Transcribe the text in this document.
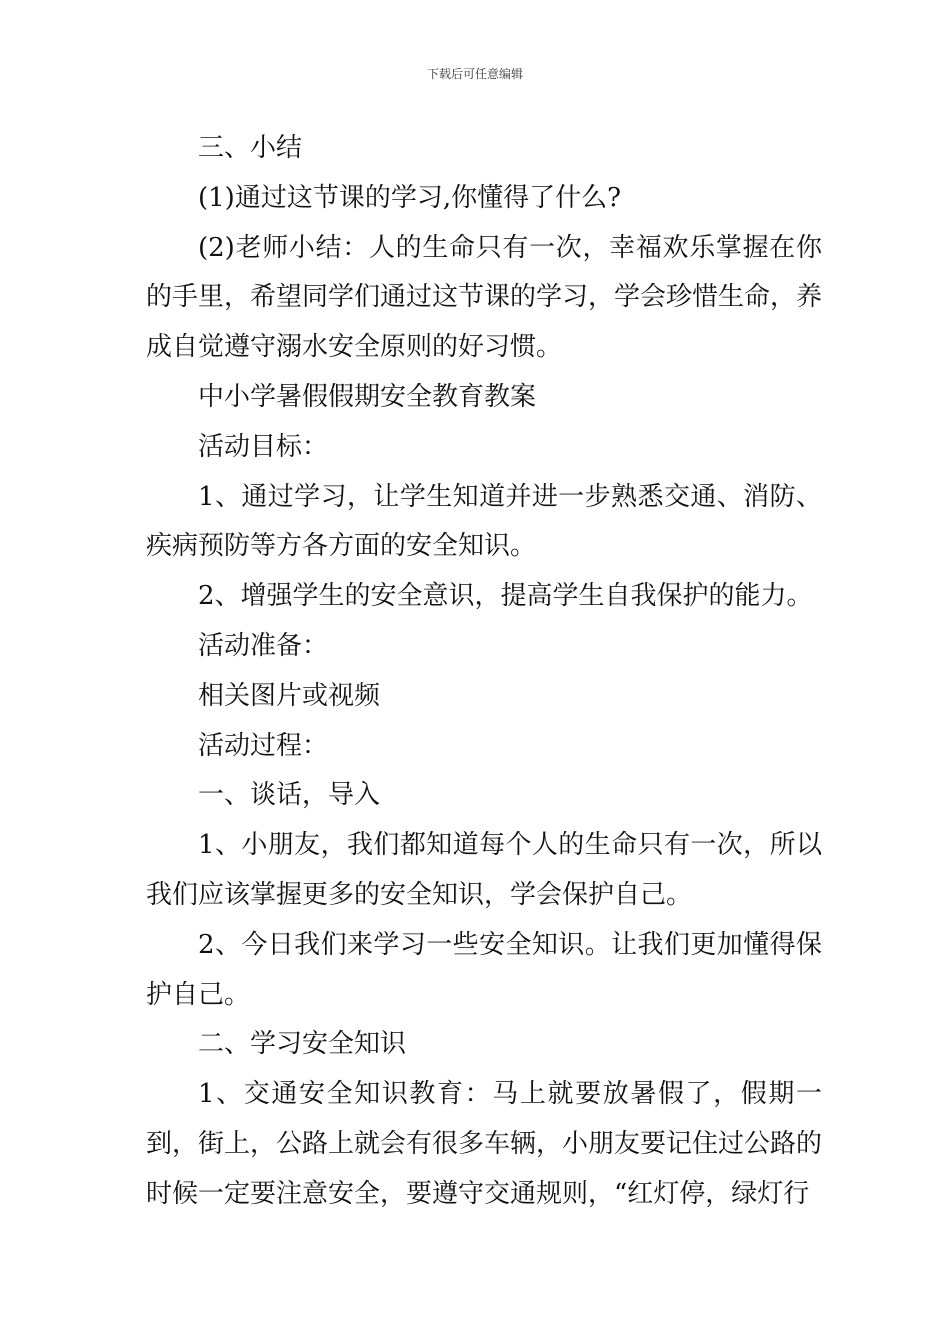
下载后可任意编辑

三、小结

(1)通过这节课的学习,你懂得了什么?

(2)老师小结：人的生命只有一次，幸福欢乐掌握在你的手里，希望同学们通过这节课的学习，学会珍惜生命，养成自觉遵守溺水安全原则的好习惯。

中小学暑假假期安全教育教案

活动目标：

1、通过学习，让学生知道并进一步熟悉交通、消防、疾病预防等方各方面的安全知识。

2、增强学生的安全意识，提高学生自我保护的能力。

活动准备：

相关图片或视频

活动过程：

一、谈话，导入

1、小朋友，我们都知道每个人的生命只有一次，所以我们应该掌握更多的安全知识，学会保护自己。

2、今日我们来学习一些安全知识。让我们更加懂得保护自己。

二、学习安全知识

1、交通安全知识教育：马上就要放暑假了，假期一到，街上，公路上就会有很多车辆，小朋友要记住过公路的时候一定要注意安全，要遵守交通规则，“红灯停，绿灯行
